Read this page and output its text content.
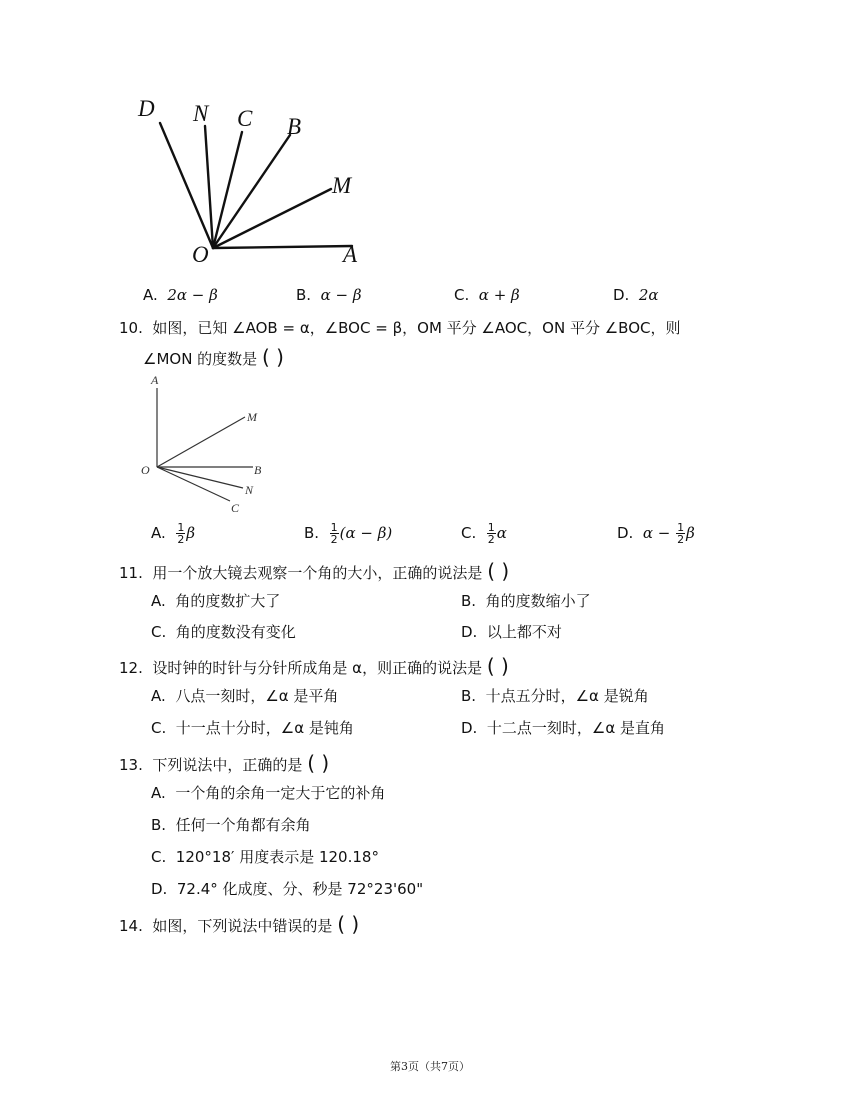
D N C B
M
O	A
A. 2α − β	B. α − β	C. α + β	D. 2α
10. 如图，已知 ∠AOB = α，∠BOC = β，OM 平分 ∠AOC，ON 平分 ∠BOC，则
∠MON 的度数是 ( )
A
M
O	B
N
C
A. $\frac{1}{2}$ β	B. $\frac{1}{2} (\alpha - \beta)$	C. $\frac{1}{2}$ α	D. $\alpha - \frac{1}{2}$ β
11. 用一个放大镜去观察一个角的大小，正确的说法是 ( )
A. 角的度数扩大了	B. 角的度数缩小了
C. 角的度数没有变化	D. 以上都不对
12. 设时钟的时针与分针所成角是 α，则正确的说法是 ( )
A. 八点一刻时，∠α 是平角	B. 十点五分时，∠α 是锐角
C. 十一点十分时，∠α 是钝角	D. 十二点一刻时，∠α 是直角
13. 下列说法中，正确的是 ( )
A. 一个角的余角一定大于它的补角
B. 任何一个角都有余角
C. 120°18′ 用度表示是 120.18°
D. 72.4° 化成度、分、秒是 72°23'60"
14. 如图，下列说法中错误的是 ( )
第3页（共7页）
